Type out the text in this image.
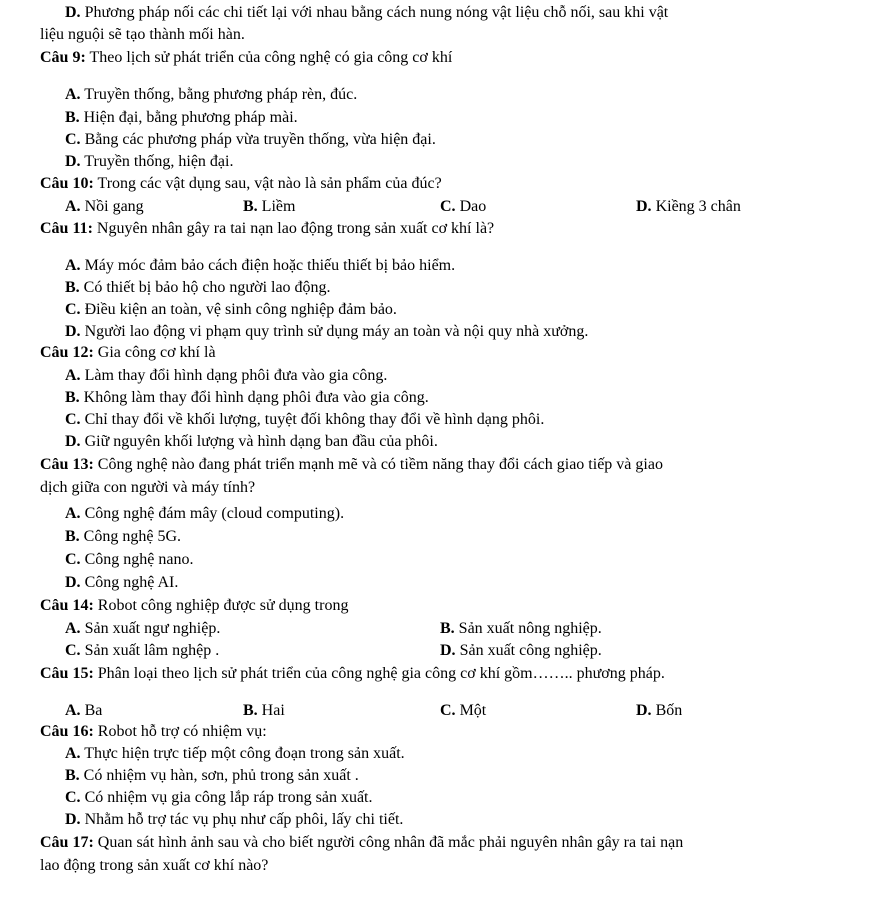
D. Phương pháp nối các chi tiết lại với nhau bằng cách nung nóng vật liệu chỗ nối, sau khi vật
liệu nguội sẽ tạo thành mối hàn.
Câu 9: Theo lịch sử phát triển của công nghệ có gia công cơ khí
A. Truyền thống, bằng phương pháp rèn, đúc.
B. Hiện đại, bằng phương pháp mài.
C. Bằng các phương pháp vừa truyền thống, vừa hiện đại.
D. Truyền thống, hiện đại.
Câu 10: Trong các vật dụng sau, vật nào là sản phẩm của đúc?
A. Nồi gang	B. Liềm	C. Dao	D. Kiềng 3 chân
Câu 11: Nguyên nhân gây ra tai nạn lao động trong sản xuất cơ khí là?
A. Máy móc đảm bảo cách điện hoặc thiếu thiết bị bảo hiểm.
B. Có thiết bị bảo hộ cho người lao động.
C. Điều kiện an toàn, vệ sinh công nghiệp đảm bảo.
D. Người lao động vi phạm quy trình sử dụng máy an toàn và nội quy nhà xưởng.
Câu 12: Gia công cơ khí là
A. Làm thay đổi hình dạng phôi đưa vào gia công.
B. Không làm thay đổi hình dạng phôi đưa vào gia công.
C. Chỉ thay đổi về khối lượng, tuyệt đối không thay đổi về hình dạng phôi.
D. Giữ nguyên khối lượng và hình dạng ban đầu của phôi.
Câu 13: Công nghệ nào đang phát triển mạnh mẽ và có tiềm năng thay đổi cách giao tiếp và giao
dịch giữa con người và máy tính?
A. Công nghệ đám mây (cloud computing).
B. Công nghệ 5G.
C. Công nghệ nano.
D. Công nghệ AI.
Câu 14: Robot công nghiệp được sử dụng trong
A. Sản xuất ngư nghiệp.	B. Sản xuất nông nghiệp.
C. Sản xuất lâm nghệp .	D. Sản xuất công nghiệp.
Câu 15: Phân loại theo lịch sử phát triển của công nghệ gia công cơ khí gồm…….. phương pháp.
A. Ba	B. Hai	C. Một	D. Bốn
Câu 16: Robot hỗ trợ có nhiệm vụ:
A. Thực hiện trực tiếp một công đoạn trong sản xuất.
B. Có nhiệm vụ hàn, sơn, phủ trong sản xuất .
C. Có nhiệm vụ gia công lắp ráp trong sản xuất.
D. Nhằm hỗ trợ tác vụ phụ như cấp phôi, lấy chi tiết.
Câu 17: Quan sát hình ảnh sau và cho biết người công nhân đã mắc phải nguyên nhân gây ra tai nạn
lao động trong sản xuất cơ khí nào?
